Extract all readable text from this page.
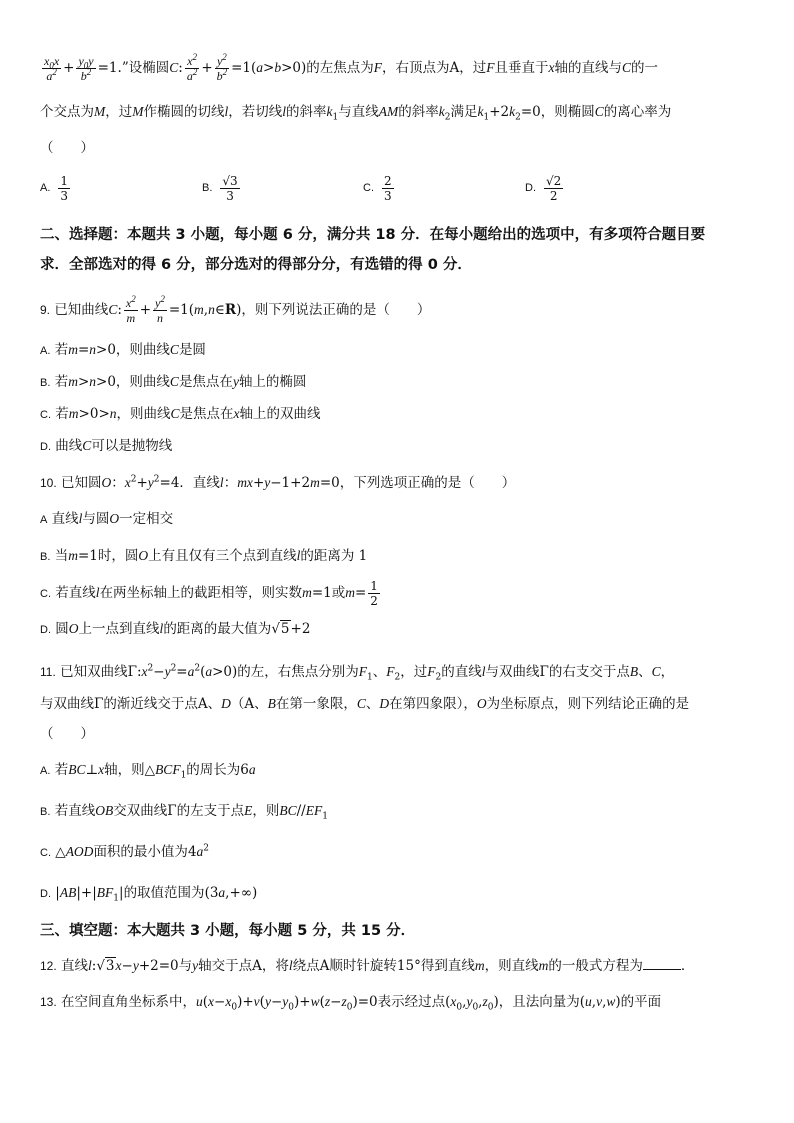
$\frac{x_0x}{a^2} + \frac{y_0y}{b^2} =1$.”设椭圆C: $\frac{x^2}{a^2} + \frac{y^2}{b^2} =1(a>b>0)$的左焦点为F，右顶点为A，过F且垂直于x轴的直线与C的一
个交点为M，过M作椭圆的切线l，若切线l的斜率$k_1$与直线AM的斜率$k_2$满足$k_1+2k_2=0$，则椭圆C的离心率为
（　　）
A. $\frac{1}{3}$	B. $\frac{√3}{3}$	C. $\frac{2}{3}$	D. $\frac{√2}{2}$
二、选择题：本题共 3 小题，每小题 6 分，满分共 18 分．在每小题给出的选项中，有多项符合题目要
求．全部选对的得 6 分，部分选对的得部分分，有选错的得 0 分．
9. 已知曲线C: $\frac{x^2}{m} + \frac{y^2}{n}$ =1(m,n∈R)，则下列说法正确的是（　　）
A. 若m=n>0，则曲线C是圆
B. 若m>n>0，则曲线C是焦点在y轴上的椭圆
C. 若m>0>n，则曲线C是焦点在x轴上的双曲线
D. 曲线C可以是抛物线
10. 已知圆O：$x^2+y^2=4$．直线l：mx+y−1+2m=0，下列选项正确的是（　　）
A 直线l与圆O一定相交
B. 当m=1时，圆O上有且仅有三个点到直线l的距离为 1
C. 若直线l在两坐标轴上的截距相等，则实数m=1或$m= \frac{1}{2}$
D. 圆O上一点到直线l的距离的最大值为√5+2
11. 已知双曲线$\Gamma:x^2-y^2=a^2(a>0)$的左，右焦点分别为$F_1$、$F_2$，过$F_2$的直线l与双曲线Γ的右支交于点B、C，
与双曲线Γ的渐近线交于点A、D（A、B在第一象限，C、D在第四象限），O为坐标原点，则下列结论正确的是
（　　）
A. 若BC⊥x轴，则$\triangle BCF_1$的周长为6a
B. 若直线OB交双曲线Γ的左支于点E，则$BC//EF_1$
C. △AOD面积的最小值为$4a^2$
D. $|AB|+|BF_1|$的取值范围为(3a,+∞)
三、填空题：本大题共 3 小题，每小题 5 分，共 15 分．
12. 直线l:√3x−y+2=0与y轴交于点A，将l绕点A顺时针旋转15°得到直线m，则直线m的一般式方程为	．
13. 在空间直角坐标系中，$u(x-x_0)+v(y-y_0)+w(z-z_0)=0$表示经过点$(x_0,y_0,z_0)$，且法向量为(u,v,w)的平面
